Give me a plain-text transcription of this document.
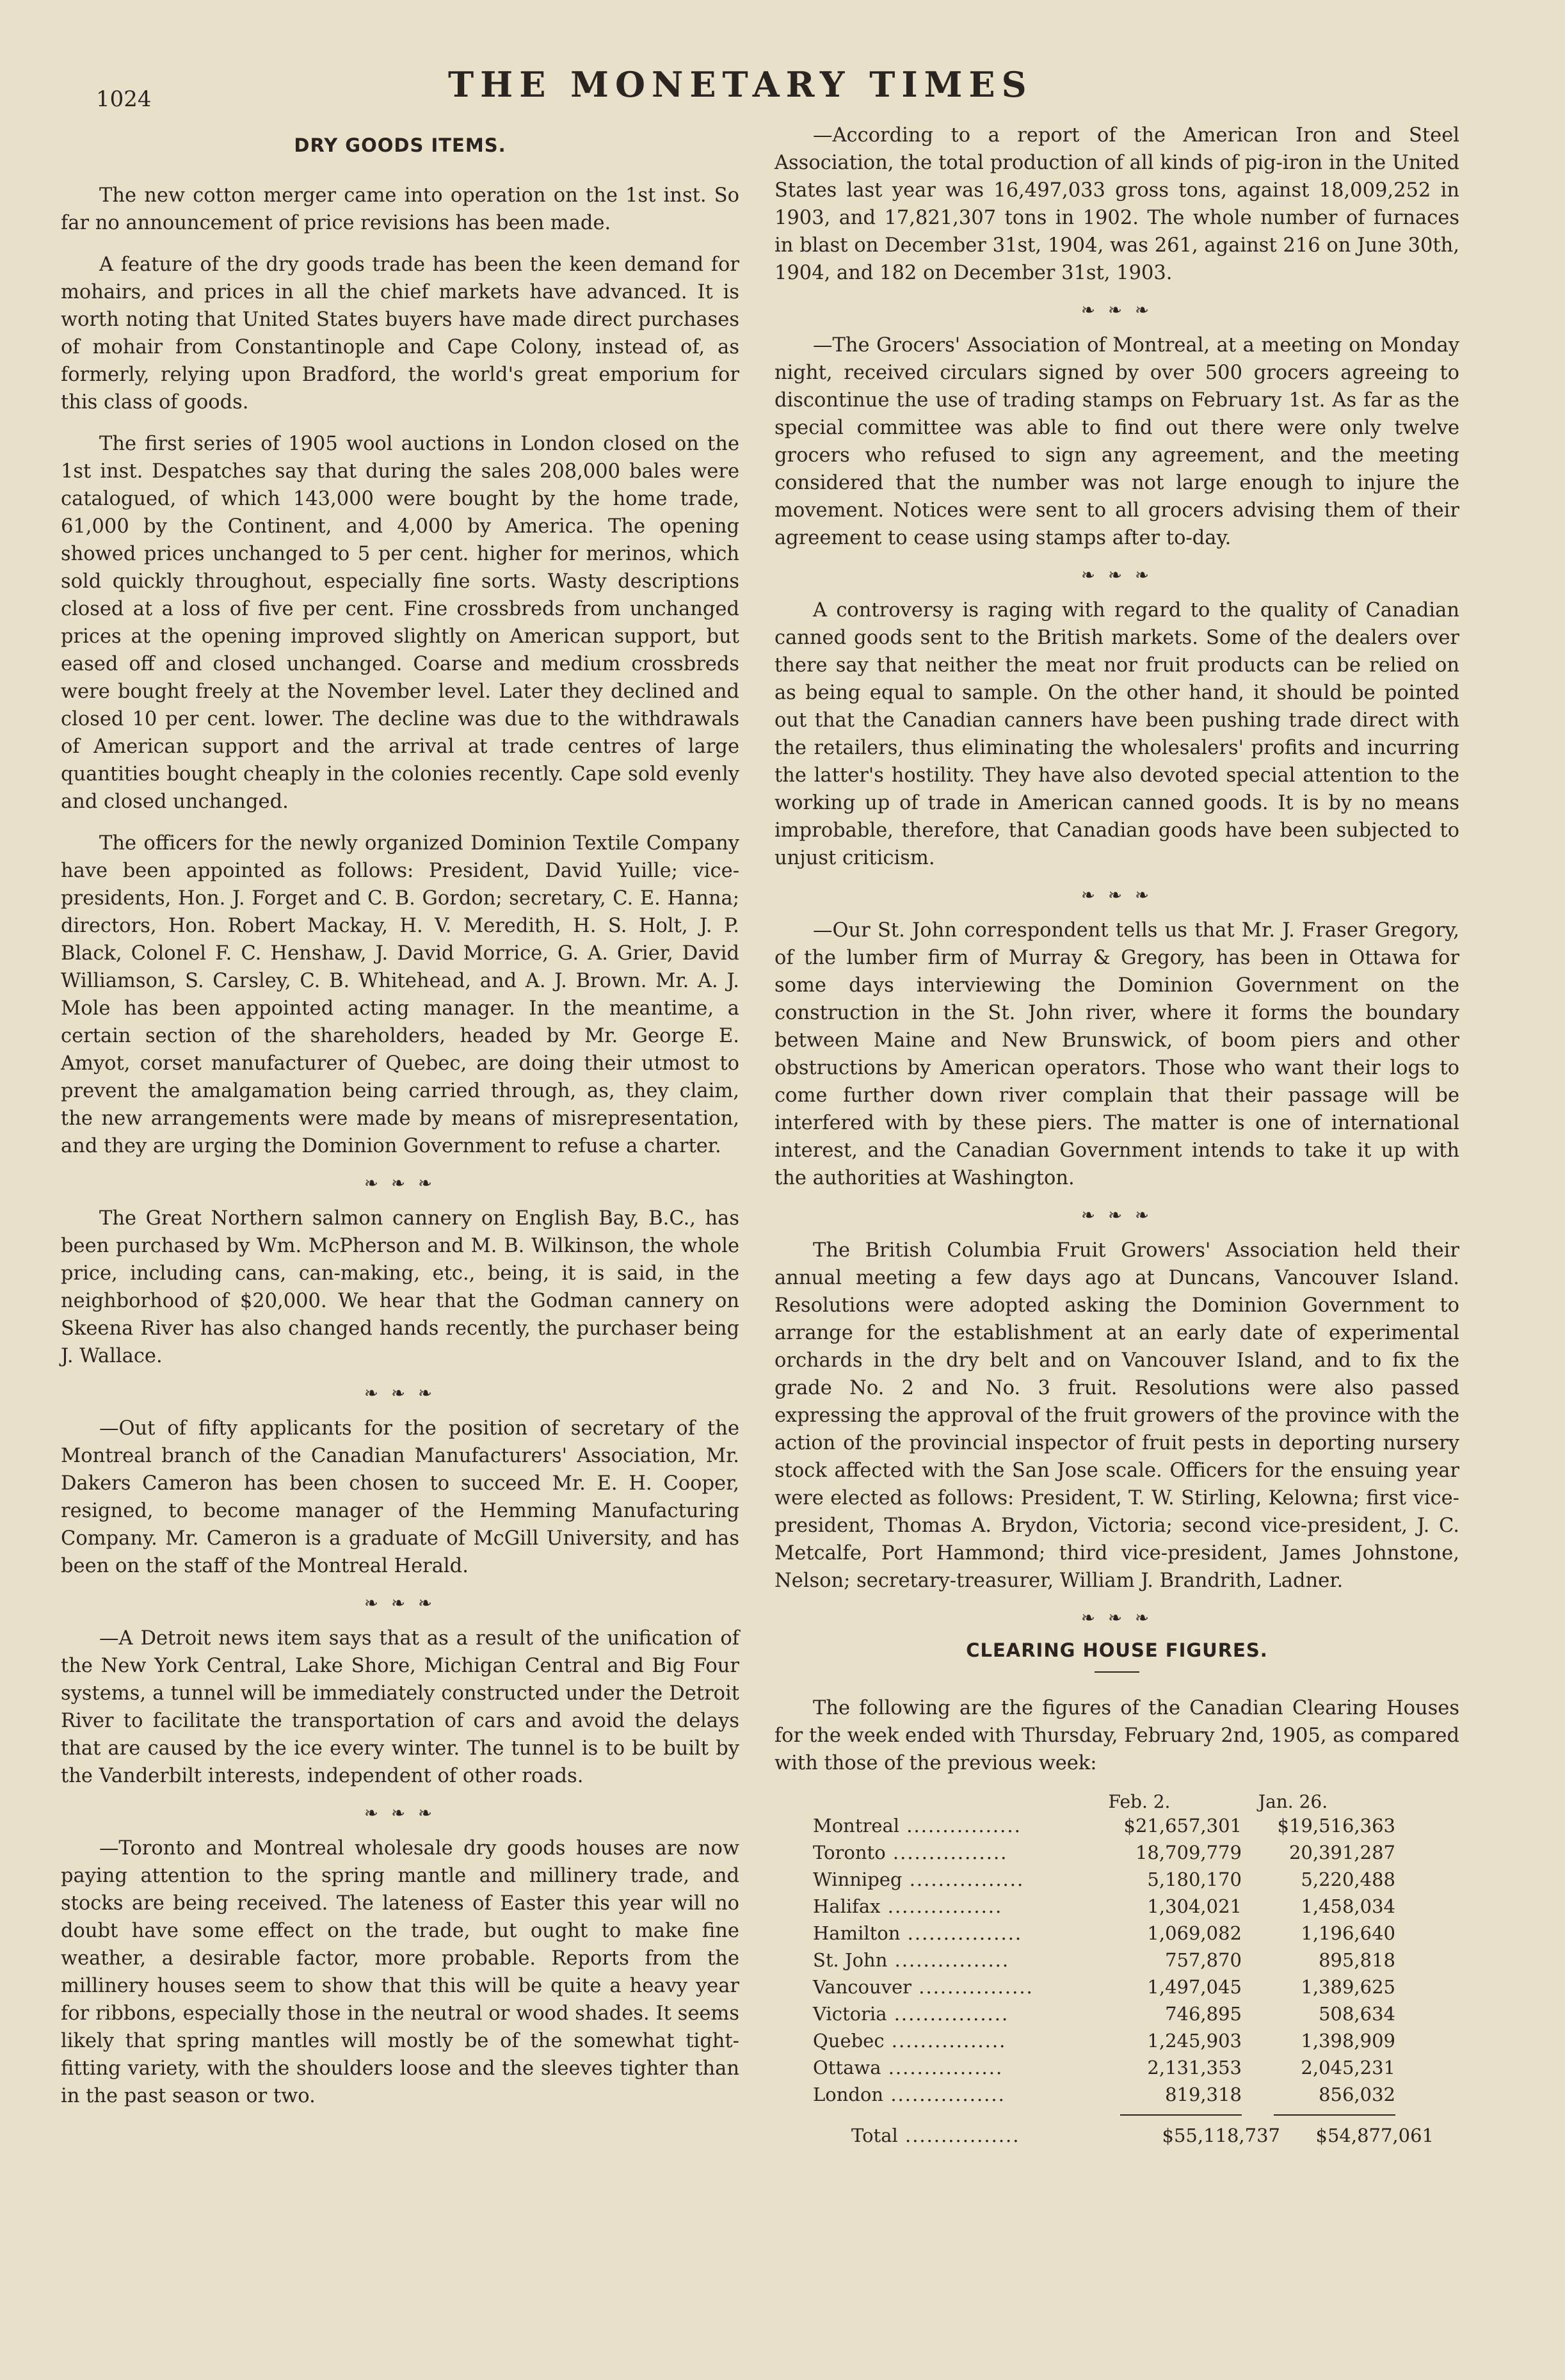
1024	THE MONETARY TIMES
DRY GOODS ITEMS.

The new cotton merger came into operation on the 1st inst. So far no announcement of price revisions has been made.

A feature of the dry goods trade has been the keen demand for mohairs, and prices in all the chief markets have advanced. It is worth noting that United States buyers have made direct purchases of mohair from Constantinople and Cape Colony, instead of, as formerly, relying upon Bradford, the world's great emporium for this class of goods.

The first series of 1905 wool auctions in London closed on the 1st inst. Despatches say that during the sales 208,000 bales were catalogued, of which 143,000 were bought by the home trade, 61,000 by the Continent, and 4,000 by America. The opening showed prices unchanged to 5 per cent. higher for merinos, which sold quickly throughout, especially fine sorts. Wasty descriptions closed at a loss of five per cent. Fine crossbreds from unchanged prices at the opening improved slightly on American support, but eased off and closed unchanged. Coarse and medium crossbreds were bought freely at the November level. Later they declined and closed 10 per cent. lower. The decline was due to the withdrawals of American support and the arrival at trade centres of large quantities bought cheaply in the colonies recently. Cape sold evenly and closed unchanged.

The officers for the newly organized Dominion Textile Company have been appointed as follows: President, David Yuille; vice-presidents, Hon. J. Forget and C. B. Gordon; secretary, C. E. Hanna; directors, Hon. Robert Mackay, H. V. Meredith, H. S. Holt, J. P. Black, Colonel F. C. Henshaw, J. David Morrice, G. A. Grier, David Williamson, S. Carsley, C. B. Whitehead, and A. J. Brown. Mr. A. J. Mole has been appointed acting manager. In the meantime, a certain section of the shareholders, headed by Mr. George E. Amyot, corset manufacturer of Quebec, are doing their utmost to prevent the amalgamation being carried through, as, they claim, the new arrangements were made by means of misrepresentation, and they are urging the Dominion Government to refuse a charter.

❧ ❧ ❧

The Great Northern salmon cannery on English Bay, B.C., has been purchased by Wm. McPherson and M. B. Wilkinson, the whole price, including cans, can-making, etc., being, it is said, in the neighborhood of $20,000. We hear that the Godman cannery on Skeena River has also changed hands recently, the purchaser being J. Wallace.

❧ ❧ ❧

—Out of fifty applicants for the position of secretary of the Montreal branch of the Canadian Manufacturers' Association, Mr. Dakers Cameron has been chosen to succeed Mr. E. H. Cooper, resigned, to become manager of the Hemming Manufacturing Company. Mr. Cameron is a graduate of McGill University, and has been on the staff of the Montreal Herald.

❧ ❧ ❧

—A Detroit news item says that as a result of the unification of the New York Central, Lake Shore, Michigan Central and Big Four systems, a tunnel will be immediately constructed under the Detroit River to facilitate the transportation of cars and avoid the delays that are caused by the ice every winter. The tunnel is to be built by the Vanderbilt interests, independent of other roads.

❧ ❧ ❧

—Toronto and Montreal wholesale dry goods houses are now paying attention to the spring mantle and millinery trade, and stocks are being received. The lateness of Easter this year will no doubt have some effect on the trade, but ought to make fine weather, a desirable factor, more probable. Reports from the millinery houses seem to show that this will be quite a heavy year for ribbons, especially those in the neutral or wood shades. It seems likely that spring mantles will mostly be of the somewhat tight-fitting variety, with the shoulders loose and the sleeves tighter than in the past season or two.

—According to a report of the American Iron and Steel Association, the total production of all kinds of pig-iron in the United States last year was 16,497,033 gross tons, against 18,009,252 in 1903, and 17,821,307 tons in 1902. The whole number of furnaces in blast on December 31st, 1904, was 261, against 216 on June 30th, 1904, and 182 on December 31st, 1903.

❧ ❧ ❧

—The Grocers' Association of Montreal, at a meeting on Monday night, received circulars signed by over 500 grocers agreeing to discontinue the use of trading stamps on February 1st. As far as the special committee was able to find out there were only twelve grocers who refused to sign any agreement, and the meeting considered that the number was not large enough to injure the movement. Notices were sent to all grocers advising them of their agreement to cease using stamps after to-day.

❧ ❧ ❧

A controversy is raging with regard to the quality of Canadian canned goods sent to the British markets. Some of the dealers over there say that neither the meat nor fruit products can be relied on as being equal to sample. On the other hand, it should be pointed out that the Canadian canners have been pushing trade direct with the retailers, thus eliminating the wholesalers' profits and incurring the latter's hostility. They have also devoted special attention to the working up of trade in American canned goods. It is by no means improbable, therefore, that Canadian goods have been subjected to unjust criticism.

❧ ❧ ❧

—Our St. John correspondent tells us that Mr. J. Fraser Gregory, of the lumber firm of Murray & Gregory, has been in Ottawa for some days interviewing the Dominion Government on the construction in the St. John river, where it forms the boundary between Maine and New Brunswick, of boom piers and other obstructions by American operators. Those who want their logs to come further down river complain that their passage will be interfered with by these piers. The matter is one of international interest, and the Canadian Government intends to take it up with the authorities at Washington.

❧ ❧ ❧

The British Columbia Fruit Growers' Association held their annual meeting a few days ago at Duncans, Vancouver Island. Resolutions were adopted asking the Dominion Government to arrange for the establishment at an early date of experimental orchards in the dry belt and on Vancouver Island, and to fix the grade No. 2 and No. 3 fruit. Resolutions were also passed expressing the approval of the fruit growers of the province with the action of the provincial inspector of fruit pests in deporting nursery stock affected with the San Jose scale. Officers for the ensuing year were elected as follows: President, T. W. Stirling, Kelowna; first vice-president, Thomas A. Brydon, Victoria; second vice-president, J. C. Metcalfe, Port Hammond; third vice-president, James Johnstone, Nelson; secretary-treasurer, William J. Brandrith, Ladner.

❧ ❧ ❧
CLEARING HOUSE FIGURES.

The following are the figures of the Canadian Clearing Houses for the week ended with Thursday, February 2nd, 1905, as compared with those of the previous week:

Feb. 2.	Jan. 26.
Montreal .....	$21,657,301	$19,516,363
Toronto .....	18,709,779	20,391,287
Winnipeg .....	5,180,170	5,220,488
Halifax .....	1,304,021	1,458,034
Hamilton .....	1,069,082	1,196,640
St. John .....	757,870	895,818
Vancouver .....	1,497,045	1,389,625
Victoria .....	746,895	508,634
Quebec .....	1,245,903	1,398,909
Ottawa .....	2,131,353	2,045,231
London .....	819,318	856,032
Total .....	$55,118,737	$54,877,061
